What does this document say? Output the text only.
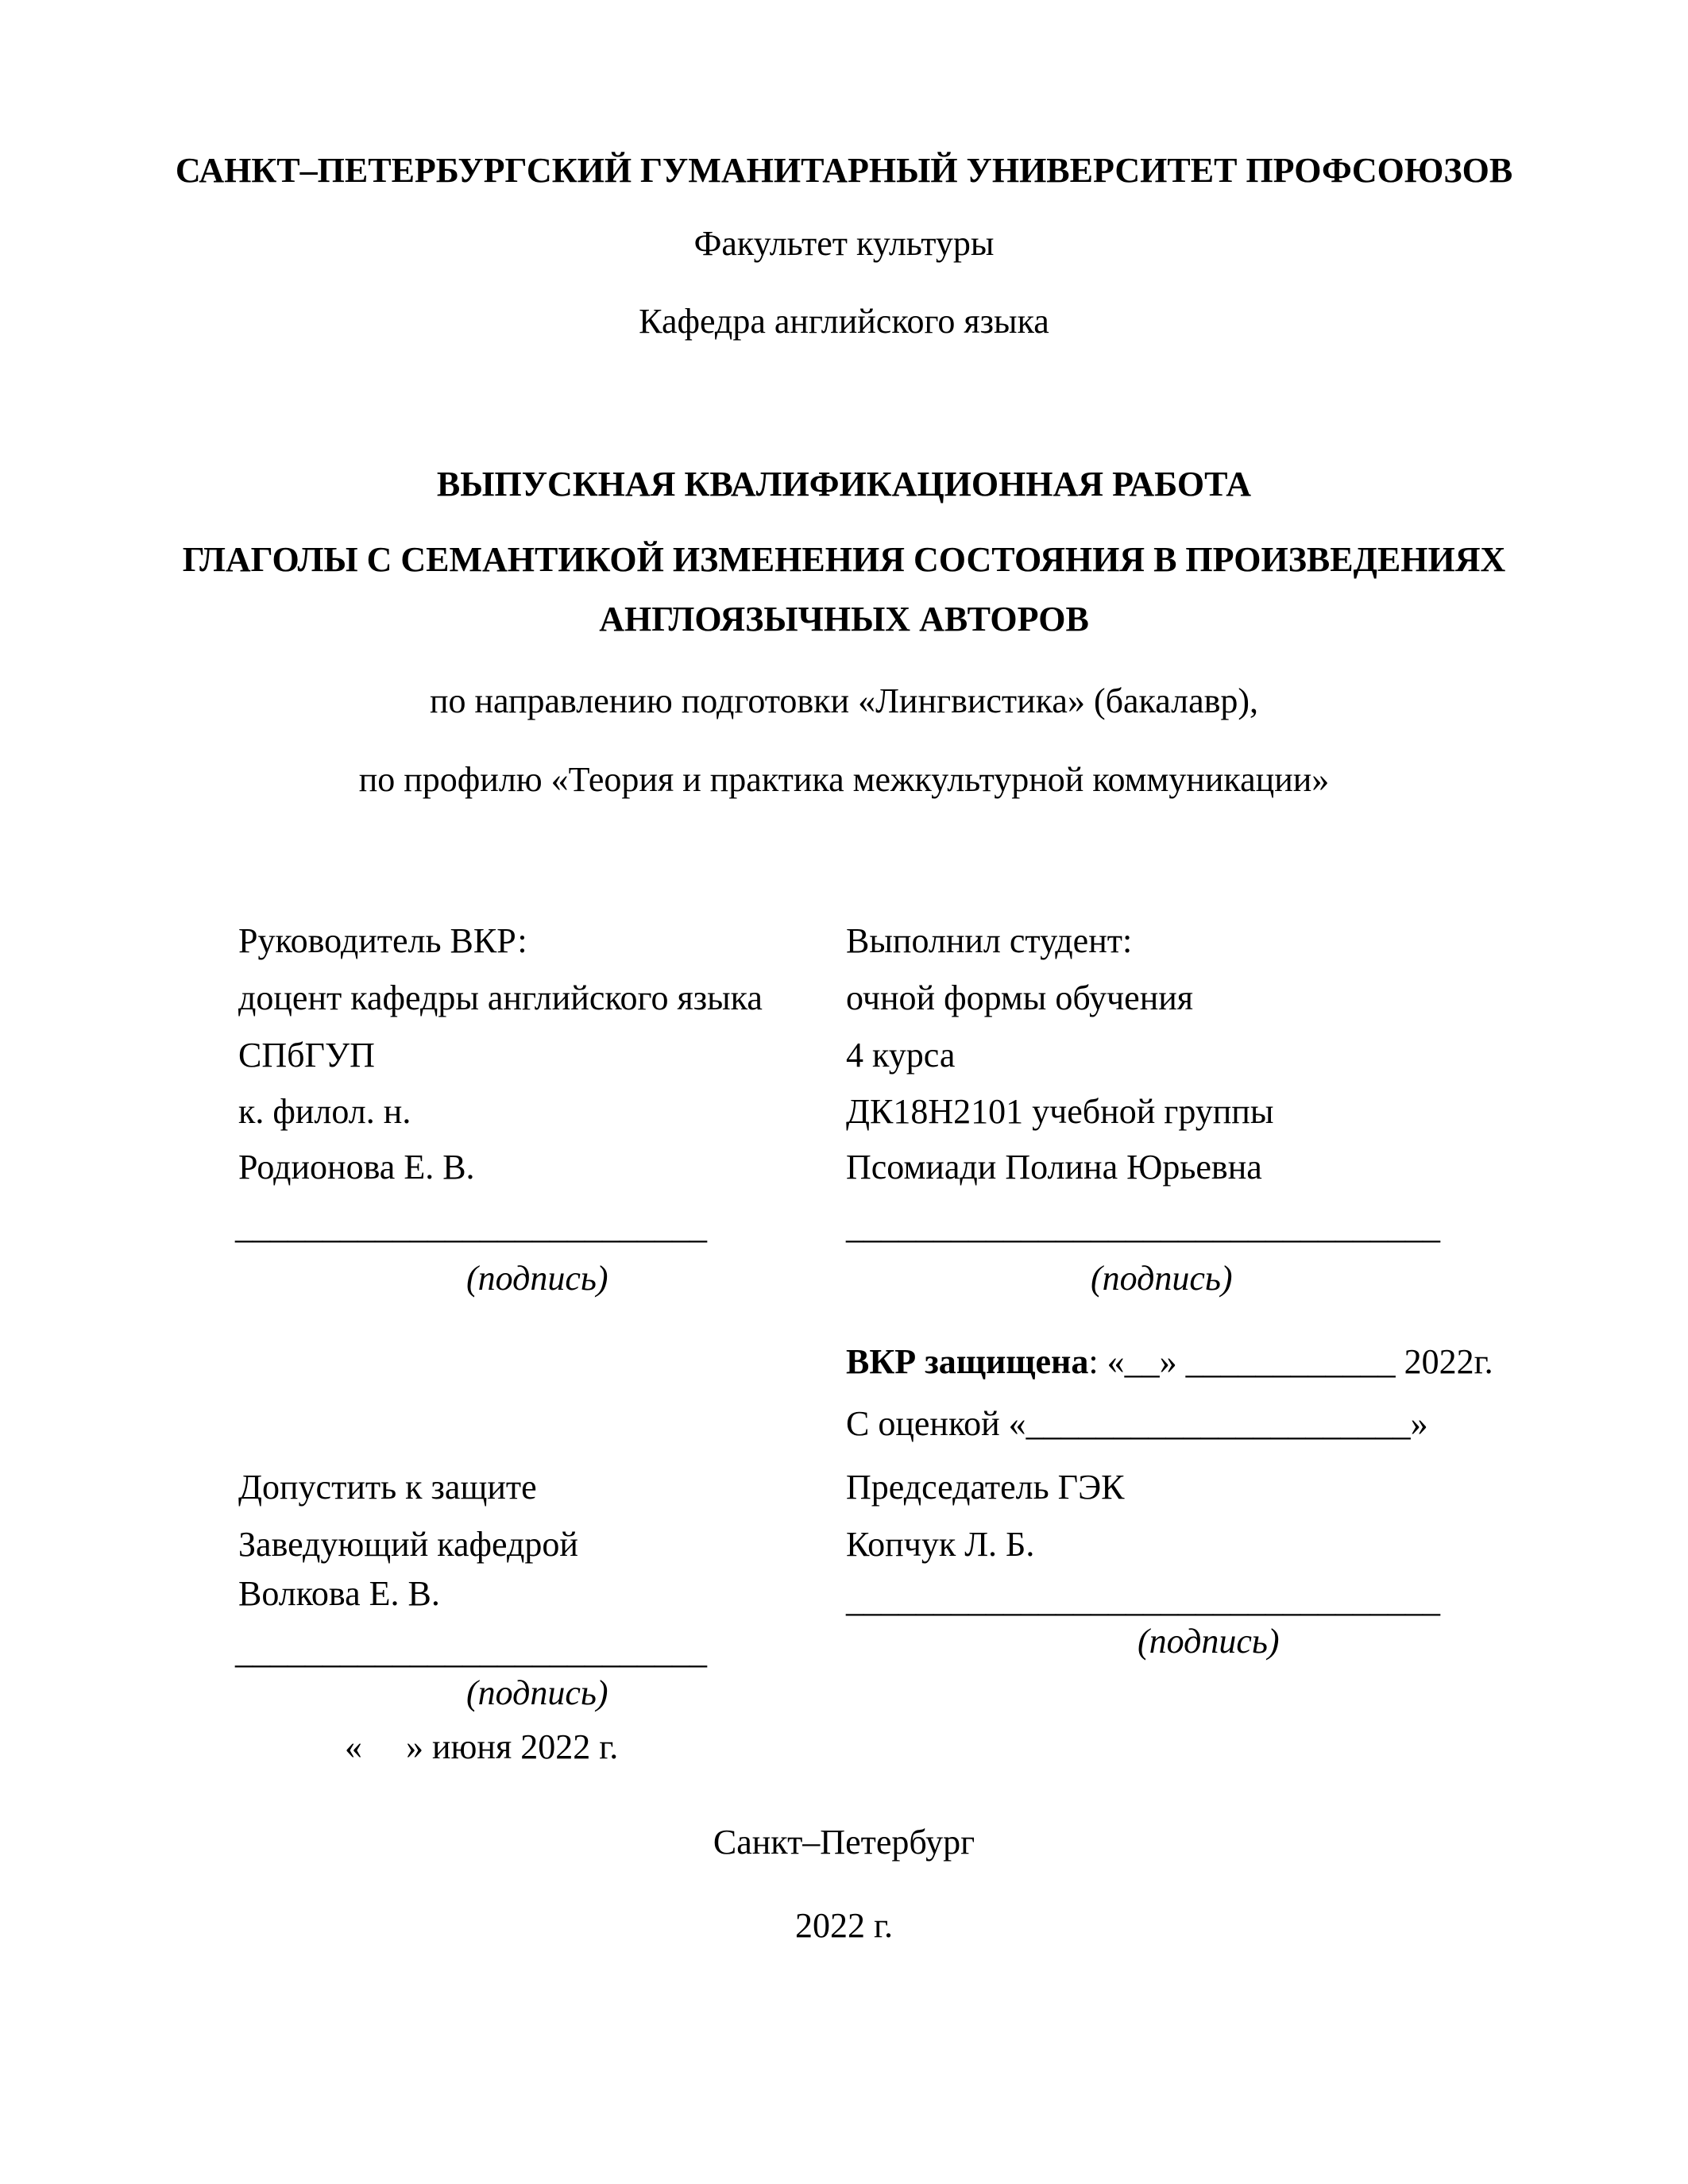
САНКТ–ПЕТЕРБУРГСКИЙ ГУМАНИТАРНЫЙ УНИВЕРСИТЕТ ПРОФСОЮЗОВ
Факультет культуры
Кафедра английского языка
ВЫПУСКНАЯ КВАЛИФИКАЦИОННАЯ РАБОТА
ГЛАГОЛЫ С СЕМАНТИКОЙ ИЗМЕНЕНИЯ СОСТОЯНИЯ В ПРОИЗВЕДЕНИЯХ
АНГЛОЯЗЫЧНЫХ АВТОРОВ
по направлению подготовки «Лингвистика» (бакалавр),
по профилю «Теория и практика межкультурной коммуникации»
Руководитель ВКР:
доцент кафедры английского языка
СПбГУП
к. филол. н.
Родионова Е. В.
___________________________
(подпись)
Выполнил студент:
очной формы обучения
4 курса
ДК18Н2101 учебной группы
Псомиади Полина Юрьевна
__________________________________
(подпись)
ВКР защищена: «__» ____________ 2022г.
С оценкой «______________________»
Председатель ГЭК
Копчук Л. Б.
__________________________________
(подпись)
Допустить к защите
Заведующий кафедрой
Волкова Е. В.
___________________________
(подпись)
«     » июня 2022 г.
Санкт–Петербург
2022 г.
